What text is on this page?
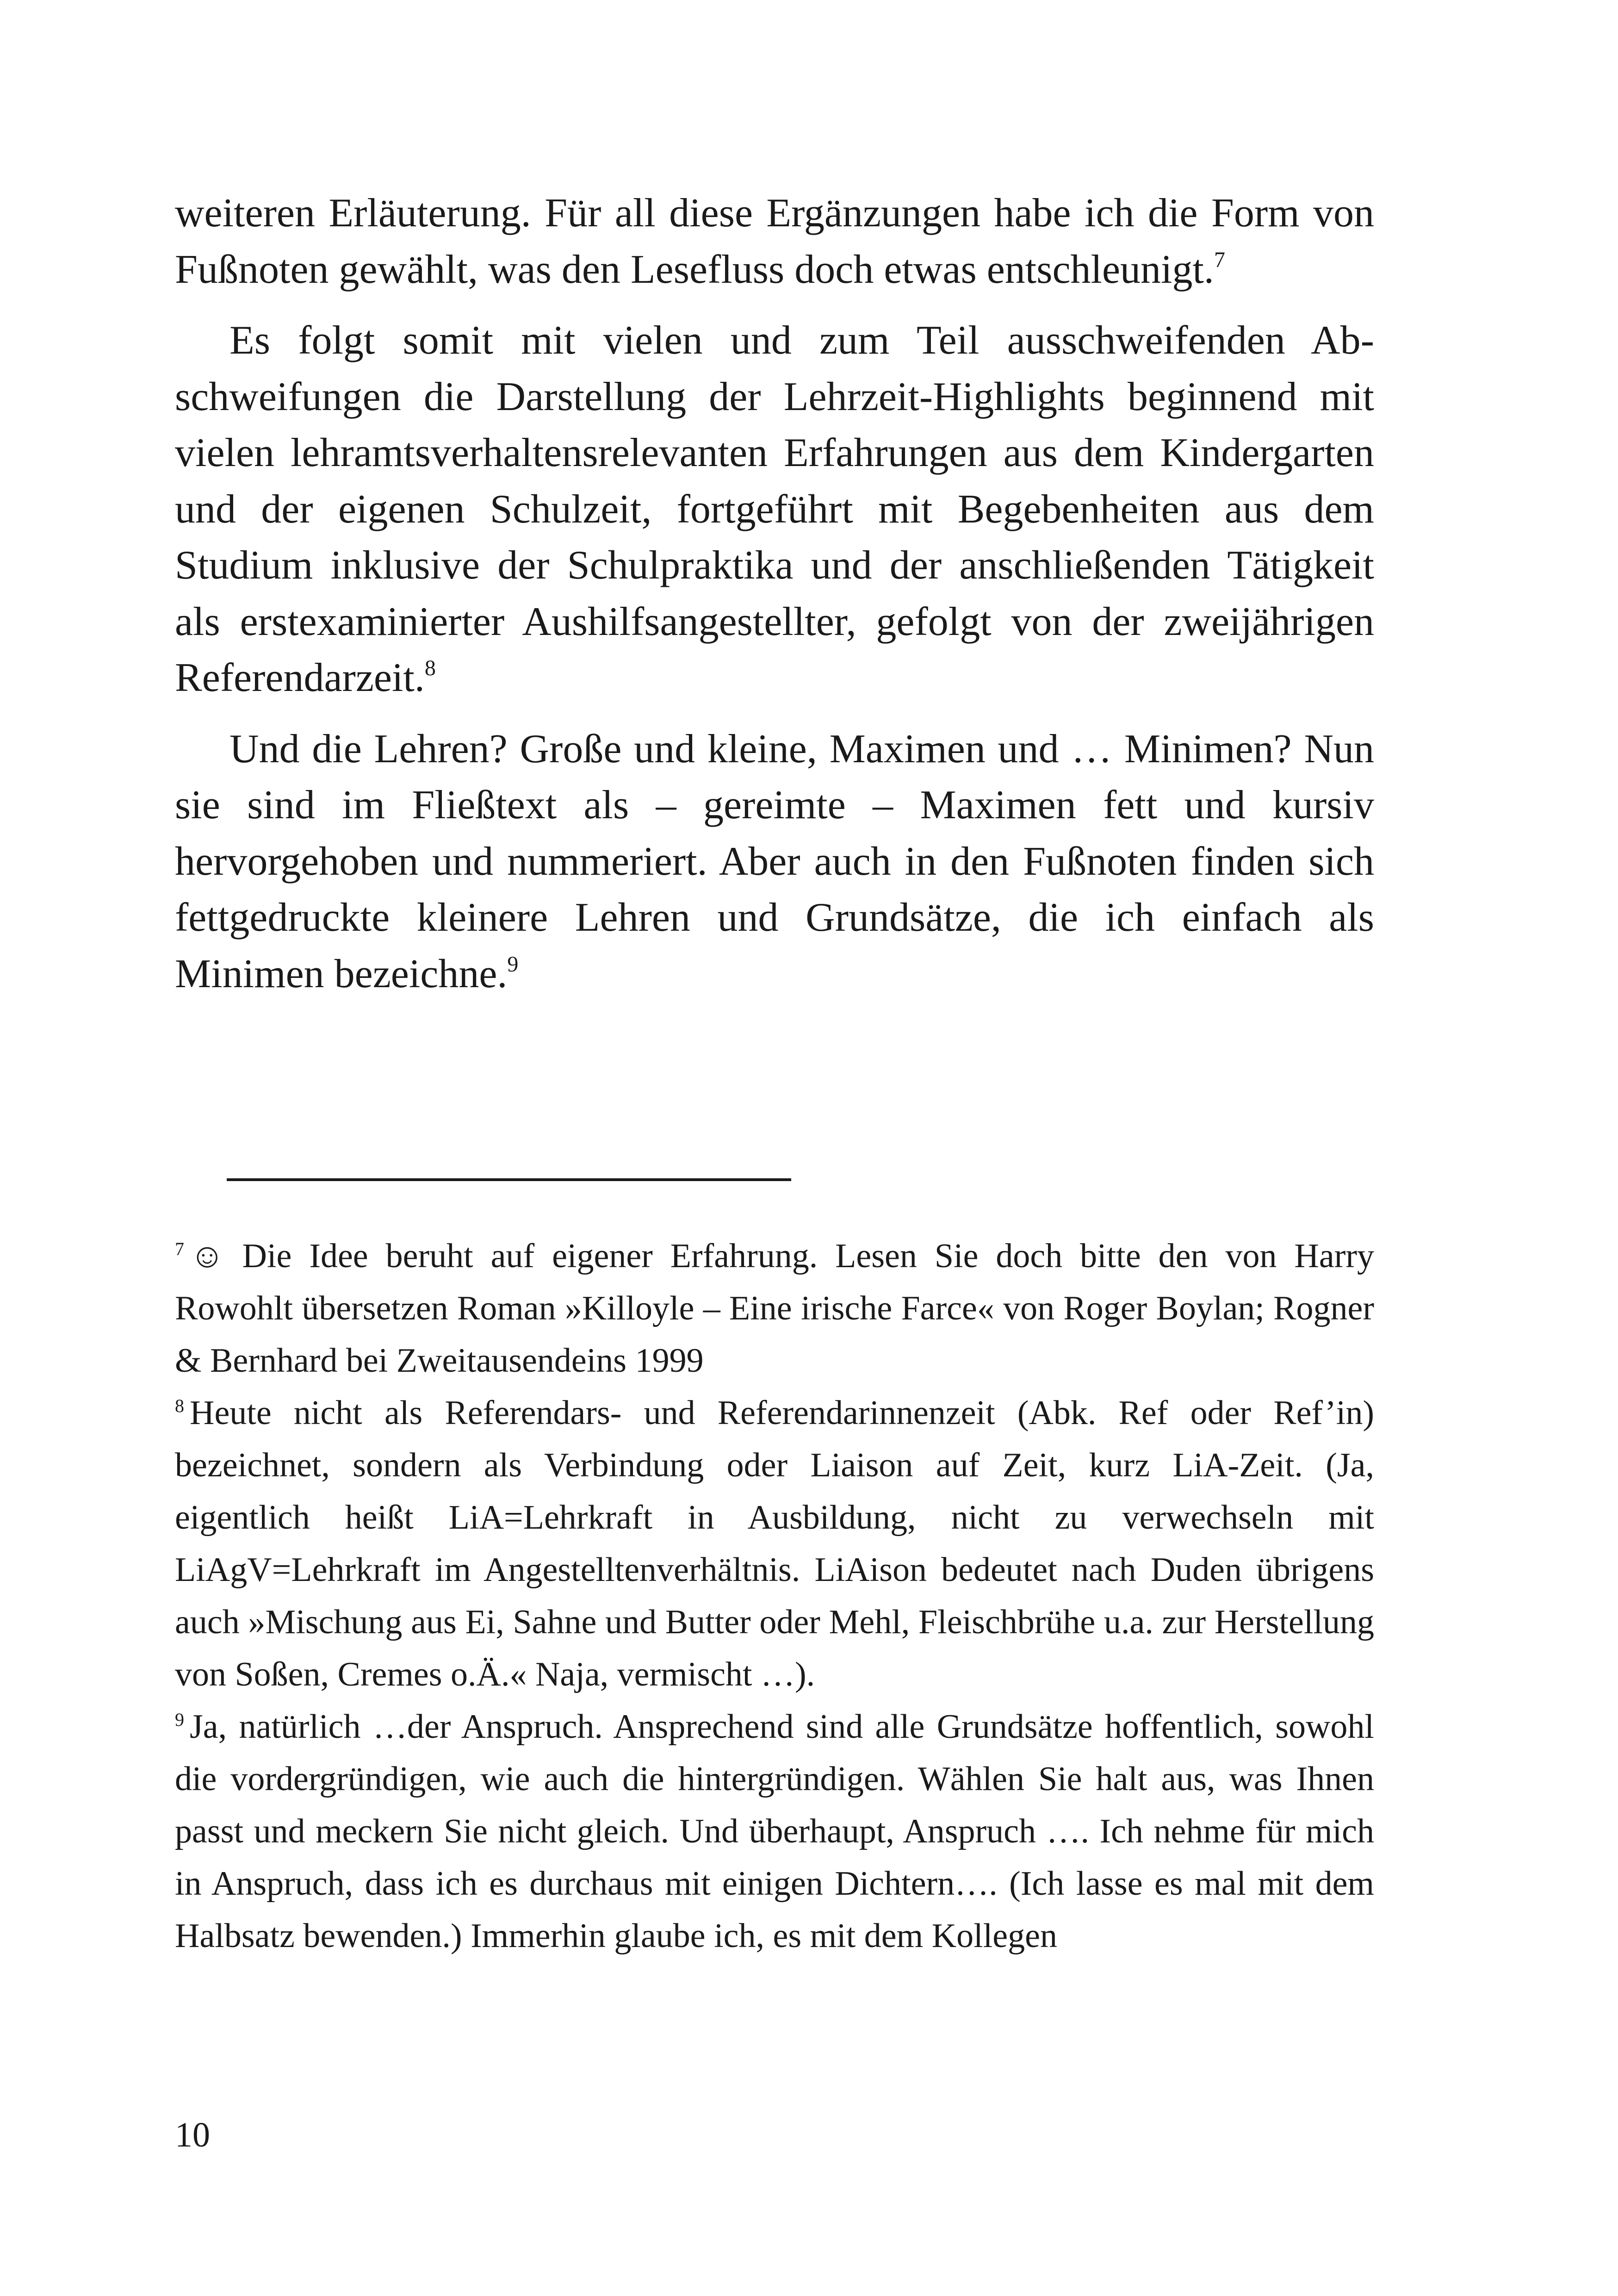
weiteren Erläuterung. Für all diese Ergänzungen habe ich die Form von Fußnoten gewählt, was den Lesefluss doch etwas entschleunigt.$^7$

Es folgt somit mit vielen und zum Teil ausschweifenden Abschweifungen die Darstellung der Lehrzeit-Highlights beginnend mit vielen lehramtsverhaltensrelevanten Erfahrungen aus dem Kindergarten und der eigenen Schulzeit, fortgeführt mit Begebenheiten aus dem Studium inklusive der Schulpraktika und der anschließenden Tätigkeit als erstexaminierter Aushilfsangestellter, gefolgt von der zweijährigen Referendarzeit.$^8$

Und die Lehren? Große und kleine, Maximen und … Minimen? Nun sie sind im Fließtext als – gereimte – Maximen fett und kursiv hervorgehoben und nummeriert. Aber auch in den Fußnoten finden sich fettgedruckte kleinere Lehren und Grundsätze, die ich einfach als Minimen bezeichne.$^9$

$^7$ ☺ Die Idee beruht auf eigener Erfahrung. Lesen Sie doch bitte den von Harry Rowohlt übersetzen Roman »Killoyle – Eine irische Farce« von Roger Boylan; Rogner & Bernhard bei Zweitausendeins 1999

$^8$ Heute nicht als Referendars- und Referendarinnenzeit (Abk. Ref oder Ref’in) bezeichnet, sondern als Verbindung oder Liaison auf Zeit, kurz LiA-Zeit. (Ja, eigentlich heißt LiA=Lehrkraft in Ausbildung, nicht zu verwechseln mit LiAgV=Lehrkraft im Angestelltenverhältnis. LiAison bedeutet nach Duden übrigens auch »Mischung aus Ei, Sahne und Butter oder Mehl, Fleischbrühe u.a. zur Herstellung von Soßen, Cremes o.Ä.« Naja, vermischt …).

$^9$ Ja, natürlich …der Anspruch. Ansprechend sind alle Grundsätze hoffentlich, sowohl die vordergründigen, wie auch die hintergründigen. Wählen Sie halt aus, was Ihnen passt und meckern Sie nicht gleich. Und überhaupt, Anspruch …. Ich nehme für mich in Anspruch, dass ich es durchaus mit einigen Dichtern…. (Ich lasse es mal mit dem Halbsatz bewenden.) Immerhin glaube ich, es mit dem Kollegen

10
